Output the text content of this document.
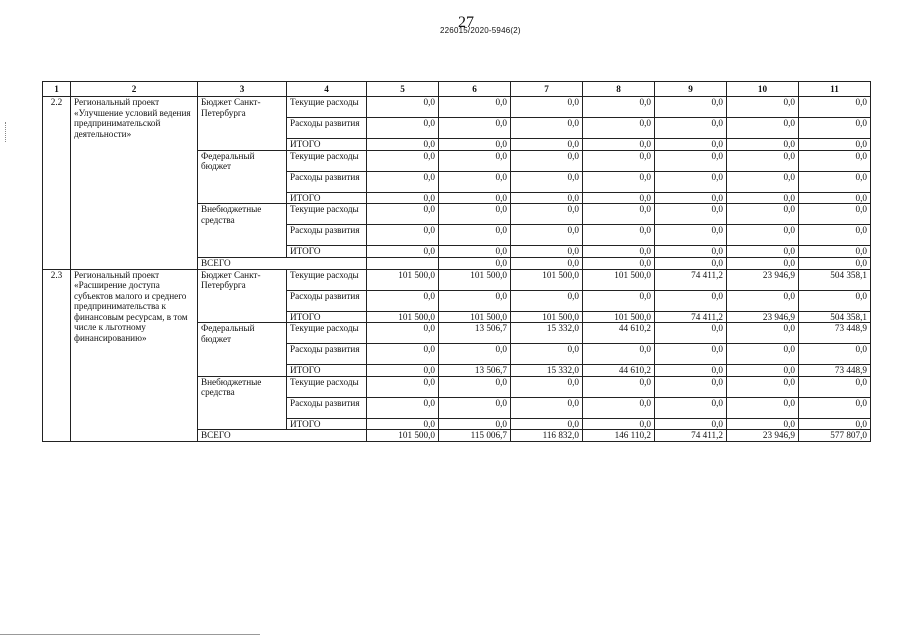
27
226015/2020-5946(2)
1	2	3	4	5	6	7	8	9	10	11
2.2	Региональный проект «Улучшение условий ведения предпринимательской деятельности»	Бюджет Санкт-Петербурга	Текущие расходы	0,0	0,0	0,0	0,0	0,0	0,0	0,0
			Расходы развития	0,0	0,0	0,0	0,0	0,0	0,0	0,0
			ИТОГО	0,0	0,0	0,0	0,0	0,0	0,0	0,0
		Федеральный бюджет	Текущие расходы	0,0	0,0	0,0	0,0	0,0	0,0	0,0
			Расходы развития	0,0	0,0	0,0	0,0	0,0	0,0	0,0
			ИТОГО	0,0	0,0	0,0	0,0	0,0	0,0	0,0
		Внебюджетные средства	Текущие расходы	0,0	0,0	0,0	0,0	0,0	0,0	0,0
			Расходы развития	0,0	0,0	0,0	0,0	0,0	0,0	0,0
			ИТОГО	0,0	0,0	0,0	0,0	0,0	0,0	0,0
		ВСЕГО			0,0	0,0	0,0	0,0	0,0	0,0
2.3	Региональный проект «Расширение доступа субъектов малого и среднего предпринимательства к финансовым ресурсам, в том числе к льготному финансированию»	Бюджет Санкт-Петербурга	Текущие расходы	101 500,0	101 500,0	101 500,0	101 500,0	74 411,2	23 946,9	504 358,1
			Расходы развития	0,0	0,0	0,0	0,0	0,0	0,0	0,0
			ИТОГО	101 500,0	101 500,0	101 500,0	101 500,0	74 411,2	23 946,9	504 358,1
		Федеральный бюджет	Текущие расходы	0,0	13 506,7	15 332,0	44 610,2	0,0	0,0	73 448,9
			Расходы развития	0,0	0,0	0,0	0,0	0,0	0,0	0,0
			ИТОГО	0,0	13 506,7	15 332,0	44 610,2	0,0	0,0	73 448,9
		Внебюджетные средства	Текущие расходы	0,0	0,0	0,0	0,0	0,0	0,0	0,0
			Расходы развития	0,0	0,0	0,0	0,0	0,0	0,0	0,0
			ИТОГО	0,0	0,0	0,0	0,0	0,0	0,0	0,0
		ВСЕГО		101 500,0	115 006,7	116 832,0	146 110,2	74 411,2	23 946,9	577 807,0
